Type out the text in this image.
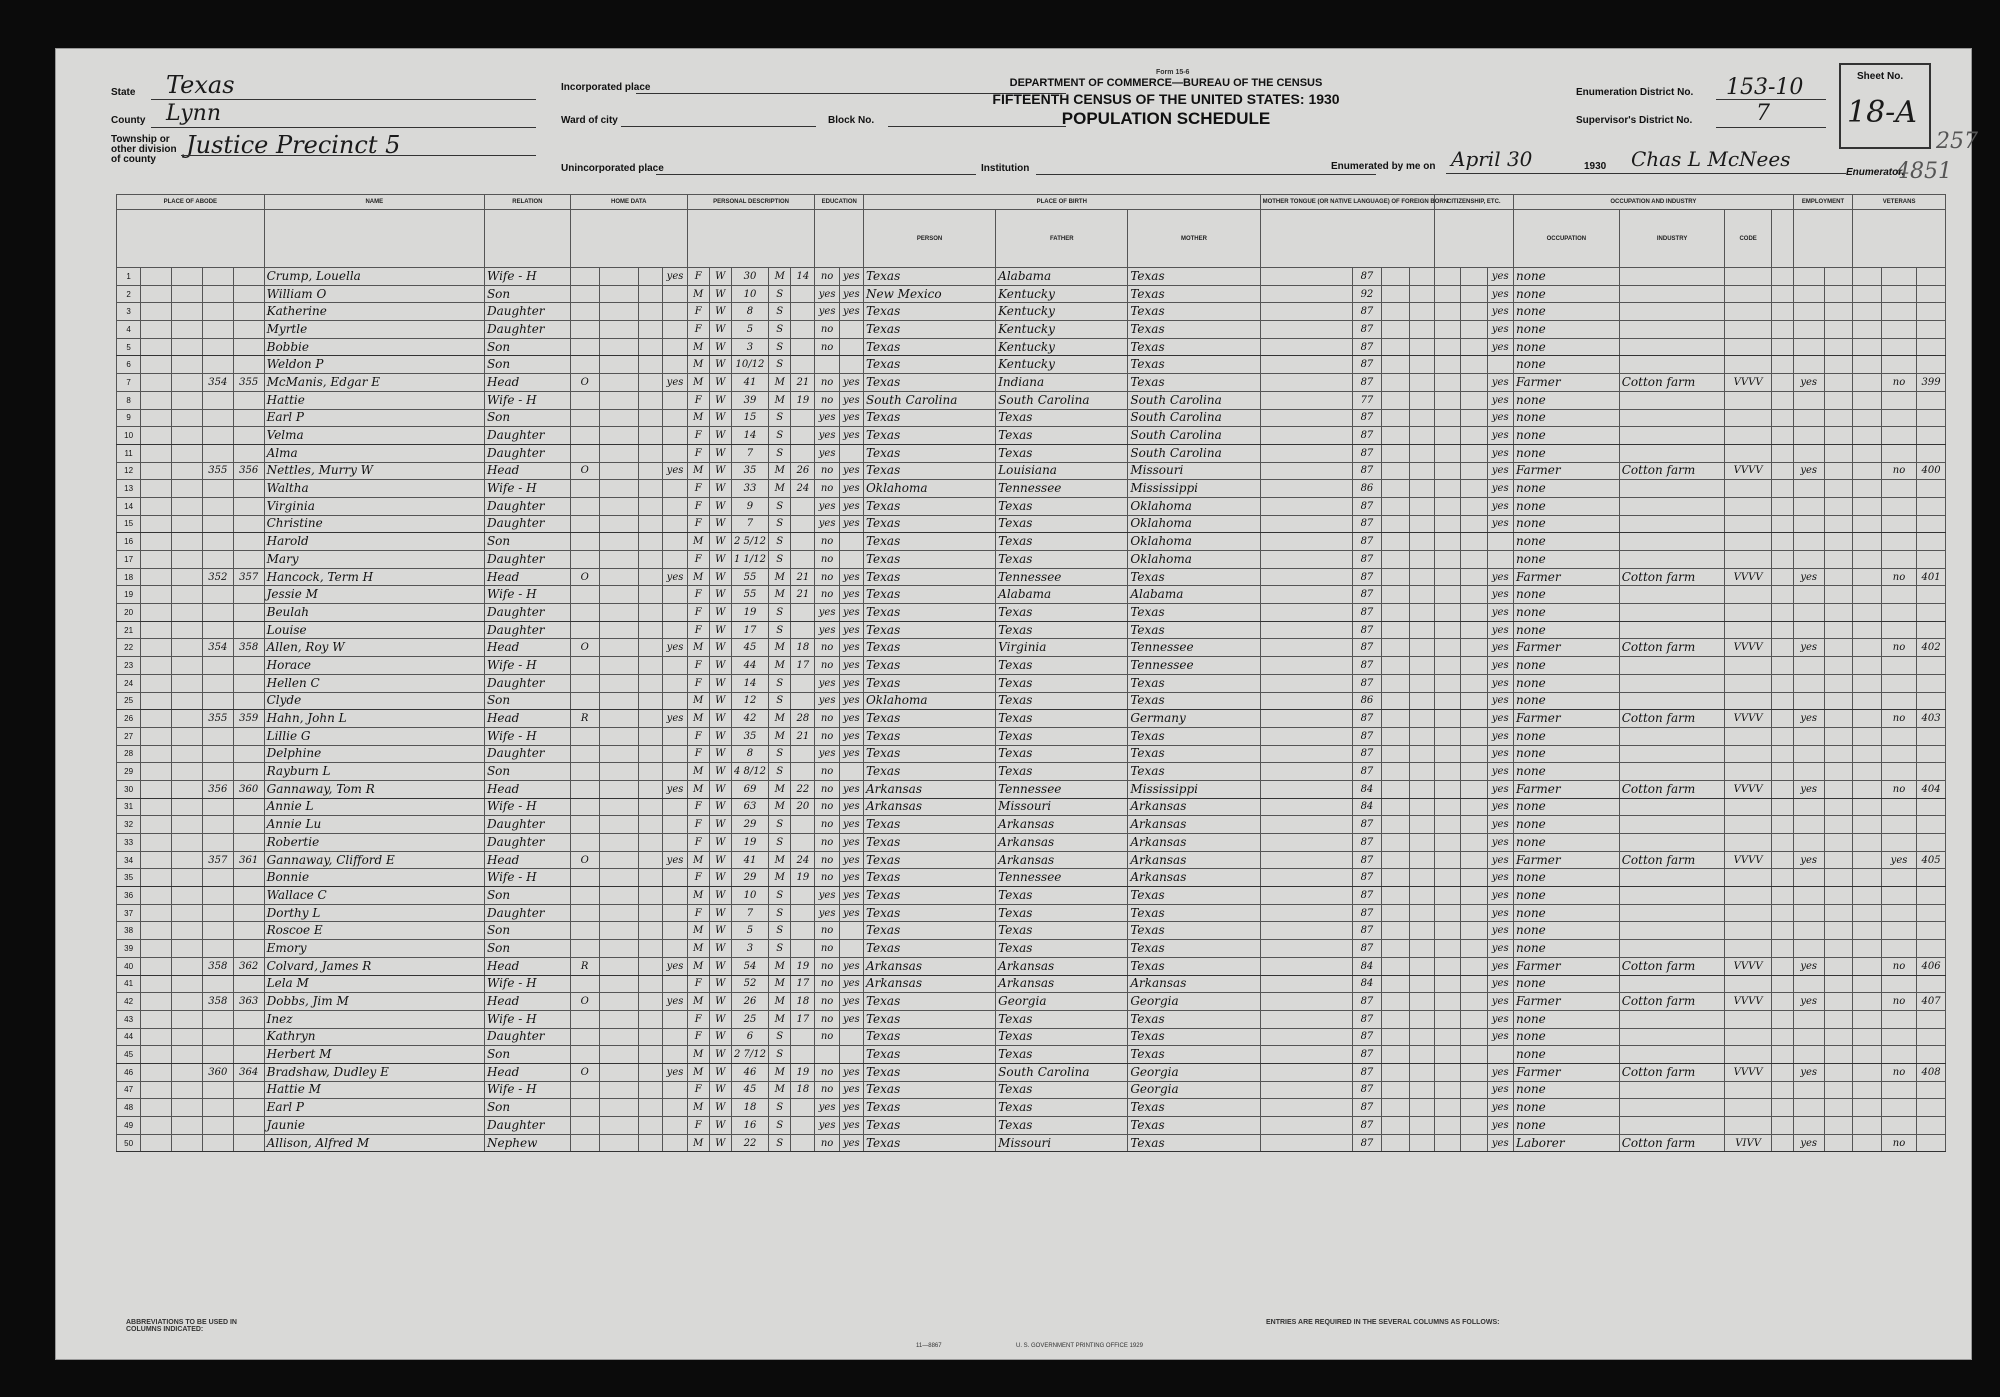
Form 15-6
DEPARTMENT OF COMMERCE—BUREAU OF THE CENSUS
FIFTEENTH CENSUS OF THE UNITED STATES: 1930
POPULATION SCHEDULE
State Texas
County Lynn
Township or other division of county
Justice Precinct 5
Incorporated place
Ward of city	Block No.
Unincorporated place	Institution
Enumeration District No. 153-10
Supervisor's District No.	7
Sheet No.
18-A
257
4851
Enumerated by me on April 30	1930 Chas L McNees
Enumerator.
PLACE OF ABODE					NAME	RELATION	HOME DATA				PERSONAL DESCRIPTION					EDUCATION		PLACE OF BIRTH			MOTHER TONGUE (OR NATIVE LANGUAGE) OF FOREIGN BORN				CITIZENSHIP, ETC.			OCCUPATION AND INDUSTRY				EMPLOYMENT		VETERANS		
																		PERSON	FATHER	MOTHER								OCCUPATION	INDUSTRY	CODE						
1					Crump, Louella	Wife - H				yes	F	W	30	M	14	no	yes	Texas	Alabama	Texas		87					yes	none								
2					William O	Son					M	W	10	S		yes	yes	New Mexico	Kentucky	Texas		92					yes	none								
3					Katherine	Daughter					F	W	8	S		yes	yes	Texas	Kentucky	Texas		87					yes	none								
4					Myrtle	Daughter					F	W	5	S		no		Texas	Kentucky	Texas		87					yes	none								
5					Bobbie	Son					M	W	3	S		no		Texas	Kentucky	Texas		87					yes	none								
6					Weldon P	Son					M	W	10/12	S				Texas	Kentucky	Texas		87						none								
7			354	355	McManis, Edgar E	Head	O			yes	M	W	41	M	21	no	yes	Texas	Indiana	Texas		87					yes	Farmer	Cotton farm	VVVV		yes			no	399
8					Hattie	Wife - H					F	W	39	M	19	no	yes	South Carolina	South Carolina	South Carolina		77					yes	none								
9					Earl P	Son					M	W	15	S		yes	yes	Texas	Texas	South Carolina		87					yes	none								
10					Velma	Daughter					F	W	14	S		yes	yes	Texas	Texas	South Carolina		87					yes	none								
11					Alma	Daughter					F	W	7	S		yes		Texas	Texas	South Carolina		87					yes	none								
12			355	356	Nettles, Murry W	Head	O			yes	M	W	35	M	26	no	yes	Texas	Louisiana	Missouri		87					yes	Farmer	Cotton farm	VVVV		yes			no	400
13					Waltha	Wife - H					F	W	33	M	24	no	yes	Oklahoma	Tennessee	Mississippi		86					yes	none								
14					Virginia	Daughter					F	W	9	S		yes	yes	Texas	Texas	Oklahoma		87					yes	none								
15					Christine	Daughter					F	W	7	S		yes	yes	Texas	Texas	Oklahoma		87					yes	none								
16					Harold	Son					M	W	2 5/12	S		no		Texas	Texas	Oklahoma		87						none								
17					Mary	Daughter					F	W	1 1/12	S		no		Texas	Texas	Oklahoma		87						none								
18			352	357	Hancock, Term H	Head	O			yes	M	W	55	M	21	no	yes	Texas	Tennessee	Texas		87					yes	Farmer	Cotton farm	VVVV		yes			no	401
19					Jessie M	Wife - H					F	W	55	M	21	no	yes	Texas	Alabama	Alabama		87					yes	none								
20					Beulah	Daughter					F	W	19	S		yes	yes	Texas	Texas	Texas		87					yes	none								
21					Louise	Daughter					F	W	17	S		yes	yes	Texas	Texas	Texas		87					yes	none								
22			354	358	Allen, Roy W	Head	O			yes	M	W	45	M	18	no	yes	Texas	Virginia	Tennessee		87					yes	Farmer	Cotton farm	VVVV		yes			no	402
23					Horace	Wife - H					F	W	44	M	17	no	yes	Texas	Texas	Tennessee		87					yes	none								
24					Hellen C	Daughter					F	W	14	S		yes	yes	Texas	Texas	Texas		87					yes	none								
25					Clyde	Son					M	W	12	S		yes	yes	Oklahoma	Texas	Texas		86					yes	none								
26			355	359	Hahn, John L	Head	R			yes	M	W	42	M	28	no	yes	Texas	Texas	Germany		87					yes	Farmer	Cotton farm	VVVV		yes			no	403
27					Lillie G	Wife - H					F	W	35	M	21	no	yes	Texas	Texas	Texas		87					yes	none								
28					Delphine	Daughter					F	W	8	S		yes	yes	Texas	Texas	Texas		87					yes	none								
29					Rayburn L	Son					M	W	4 8/12	S		no		Texas	Texas	Texas		87					yes	none								
30			356	360	Gannaway, Tom R	Head				yes	M	W	69	M	22	no	yes	Arkansas	Tennessee	Mississippi		84					yes	Farmer	Cotton farm	VVVV		yes			no	404
31					Annie L	Wife - H					F	W	63	M	20	no	yes	Arkansas	Missouri	Arkansas		84					yes	none								
32					Annie Lu	Daughter					F	W	29	S		no	yes	Texas	Arkansas	Arkansas		87					yes	none								
33					Robertie	Daughter					F	W	19	S		no	yes	Texas	Arkansas	Arkansas		87					yes	none								
34			357	361	Gannaway, Clifford E	Head	O			yes	M	W	41	M	24	no	yes	Texas	Arkansas	Arkansas		87					yes	Farmer	Cotton farm	VVVV		yes			yes	405
35					Bonnie	Wife - H					F	W	29	M	19	no	yes	Texas	Tennessee	Arkansas		87					yes	none								
36					Wallace C	Son					M	W	10	S		yes	yes	Texas	Texas	Texas		87					yes	none								
37					Dorthy L	Daughter					F	W	7	S		yes	yes	Texas	Texas	Texas		87					yes	none								
38					Roscoe E	Son					M	W	5	S		no		Texas	Texas	Texas		87					yes	none								
39					Emory	Son					M	W	3	S		no		Texas	Texas	Texas		87					yes	none								
40			358	362	Colvard, James R	Head	R			yes	M	W	54	M	19	no	yes	Arkansas	Arkansas	Texas		84					yes	Farmer	Cotton farm	VVVV		yes			no	406
41					Lela M	Wife - H					F	W	52	M	17	no	yes	Arkansas	Arkansas	Arkansas		84					yes	none								
42			358	363	Dobbs, Jim M	Head	O			yes	M	W	26	M	18	no	yes	Texas	Georgia	Georgia		87					yes	Farmer	Cotton farm	VVVV		yes			no	407
43					Inez	Wife - H					F	W	25	M	17	no	yes	Texas	Texas	Texas		87					yes	none								
44					Kathryn	Daughter					F	W	6	S		no		Texas	Texas	Texas		87					yes	none								
45					Herbert M	Son					M	W	2 7/12	S				Texas	Texas	Texas		87						none								
46			360	364	Bradshaw, Dudley E	Head	O			yes	M	W	46	M	19	no	yes	Texas	South Carolina	Georgia		87					yes	Farmer	Cotton farm	VVVV		yes			no	408
47					Hattie M	Wife - H					F	W	45	M	18	no	yes	Texas	Texas	Georgia		87					yes	none								
48					Earl P	Son					M	W	18	S		yes	yes	Texas	Texas	Texas		87					yes	none								
49					Jaunie	Daughter					F	W	16	S		yes	yes	Texas	Texas	Texas		87					yes	none								
50					Allison, Alfred M	Nephew					M	W	22	S		no	yes	Texas	Missouri	Texas		87					yes	Laborer	Cotton farm	VIVV		yes			no	
ABBREVIATIONS TO BE USED IN COLUMNS INDICATED:
ENTRIES ARE REQUIRED IN THE SEVERAL COLUMNS AS FOLLOWS:
U. S. GOVERNMENT PRINTING OFFICE 1929
11—8867
